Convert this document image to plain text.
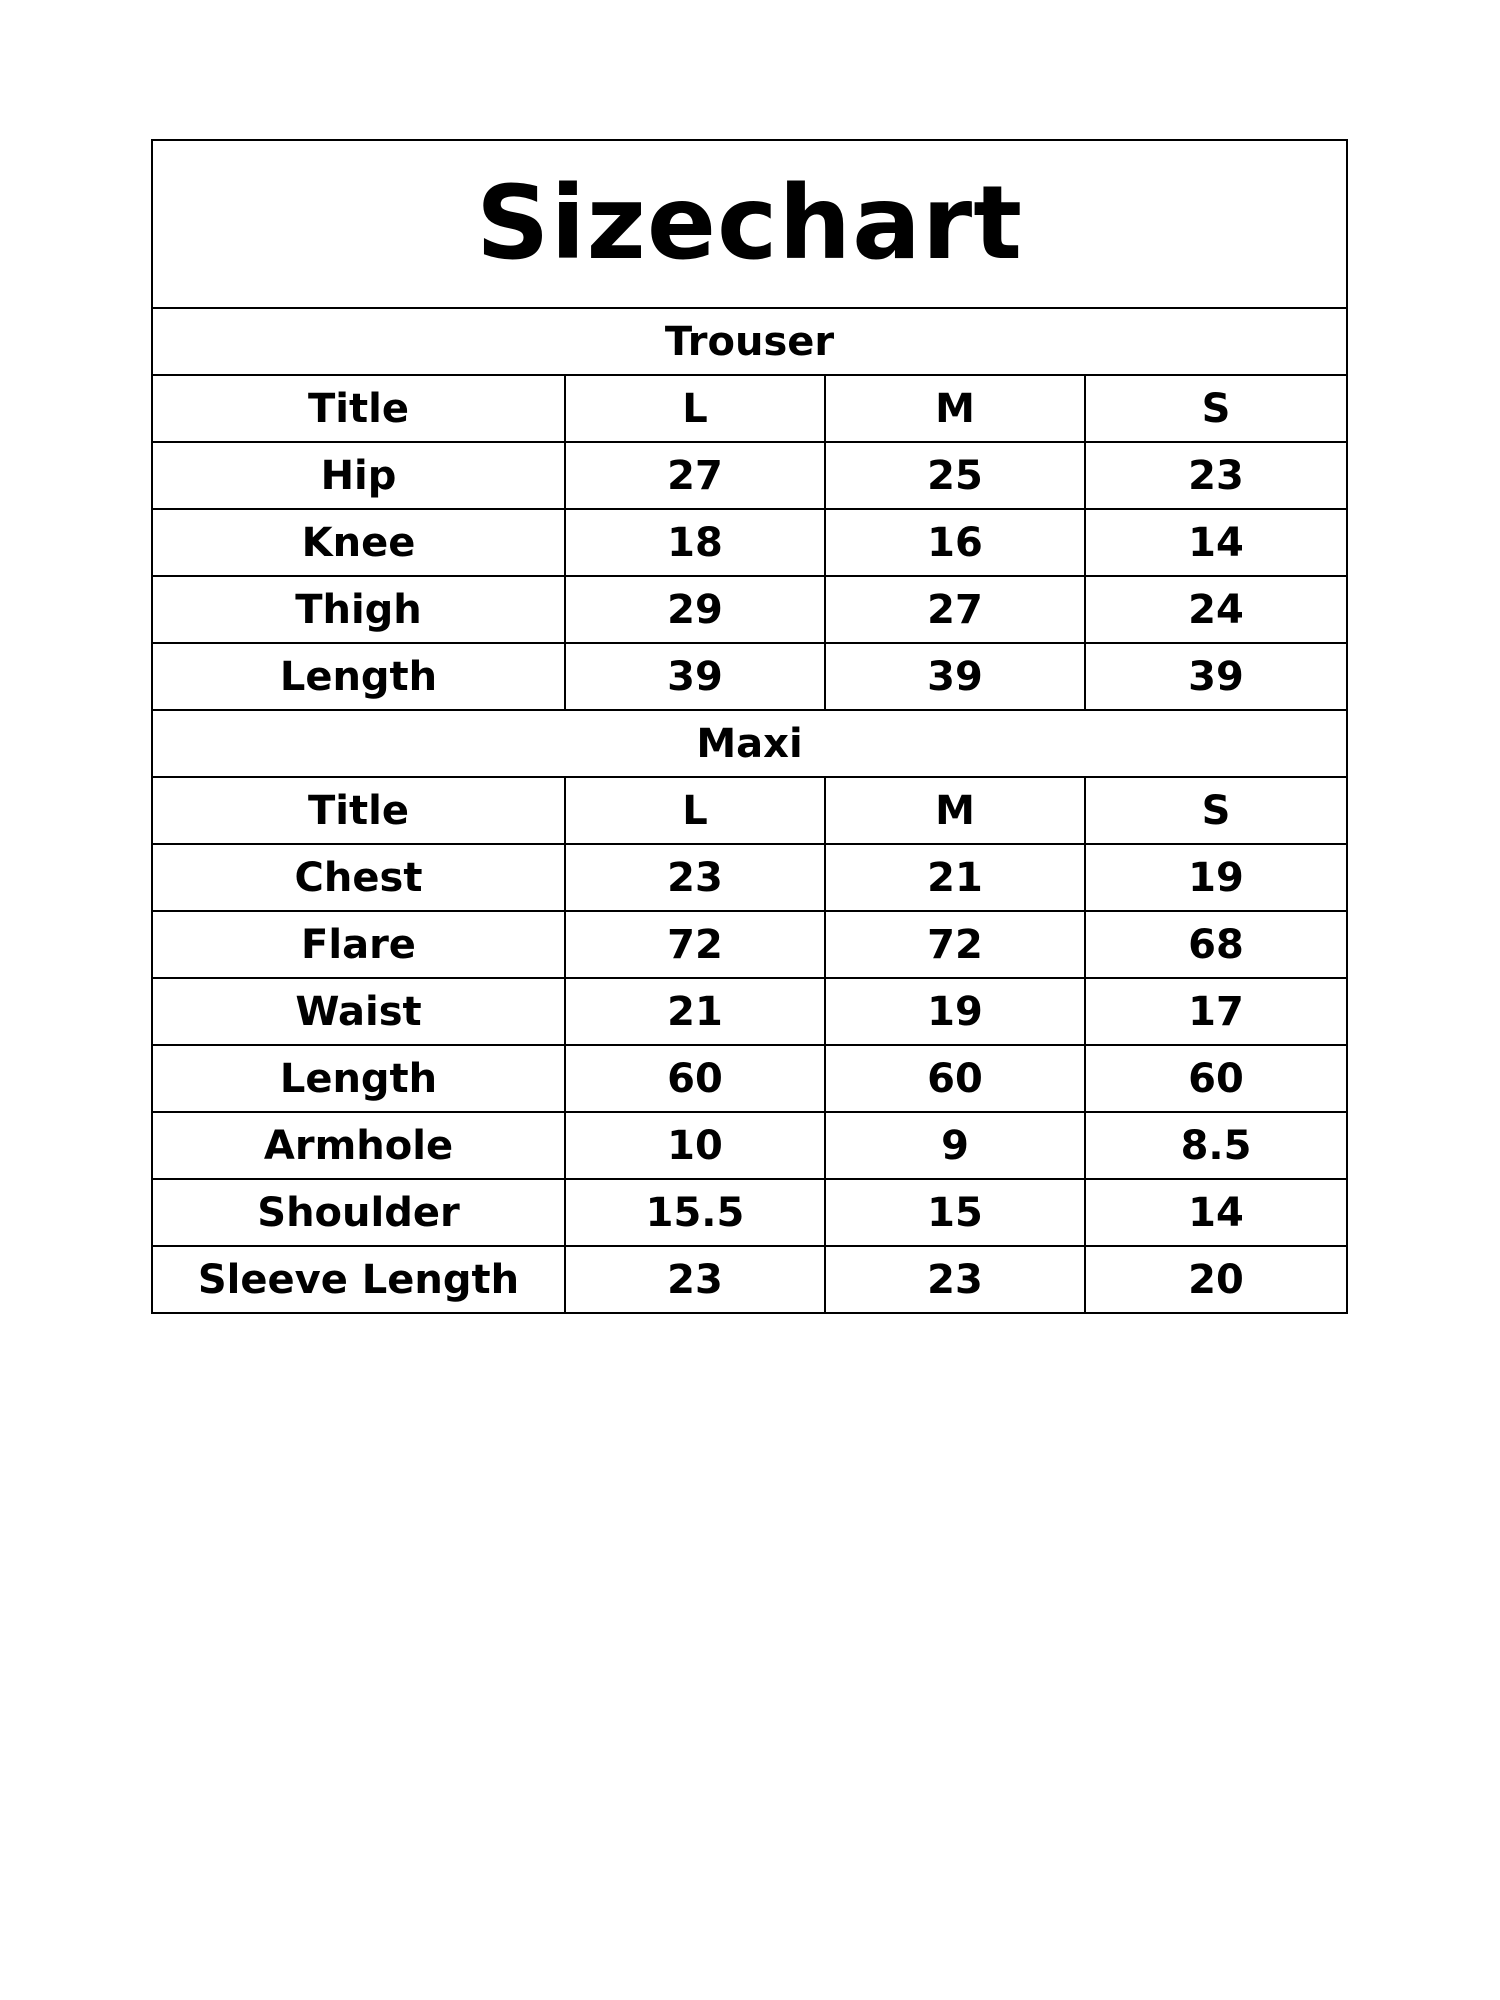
Sizechart			
Trouser			
Title	L	M	S
Hip	27	25	23
Knee	18	16	14
Thigh	29	27	24
Length	39	39	39
Maxi			
Title	L	M	S
Chest	23	21	19
Flare	72	72	68
Waist	21	19	17
Length	60	60	60
Armhole	10	9	8.5
Shoulder	15.5	15	14
Sleeve Length	23	23	20
